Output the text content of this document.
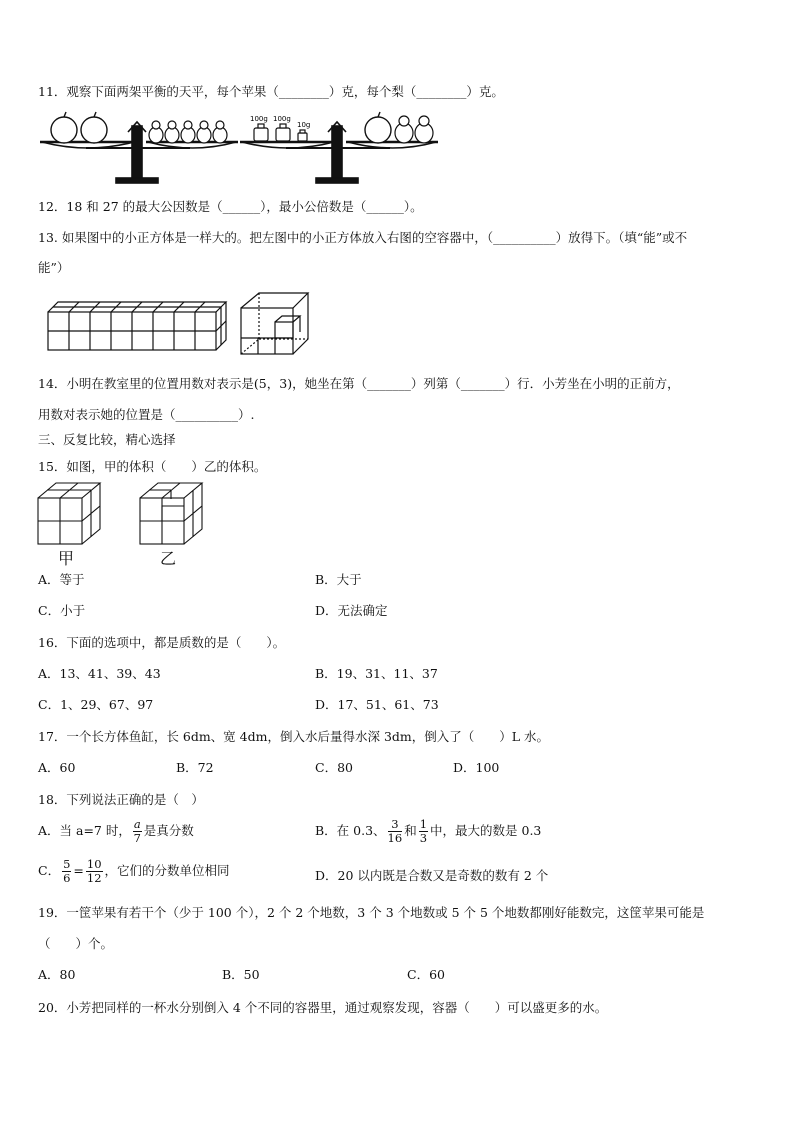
11．观察下面两架平衡的天平，每个苹果（________）克，每个梨（________）克。
100g 100g
10g
12．18 和 27 的最大公因数是（______），最小公倍数是（______）。
13. 如果图中的小正方体是一样大的。把左图中的小正方体放入右图的空容器中，（__________）放得下。（填“能”或不
能”）
14．小明在教室里的位置用数对表示是(5，3)，她坐在第（_______）列第（_______）行．小芳坐在小明的正前方，
用数对表示她的位置是（__________）.
三、反复比较，精心选择
15．如图，甲的体积（　　）乙的体积。
甲	乙
A．等于	B．大于
C．小于	D．无法确定
16．下面的选项中，都是质数的是（　　）。
A．13、41、39、43	B．19、31、11、37
C．1、29、67、97	D．17、51、61、73
17．一个长方体鱼缸，长 6dm、宽 4dm，倒入水后量得水深 3dm，倒入了（　　）L 水。
A．60	B．72	C．80	D．100
18．下列说法正确的是（　）
A．当 a=7 时， $\frac{a}{7}$ 是真分数	B．在 0.3、 $\frac{3}{16}$ 和 $\frac{1}{3}$ 中，最大的数是 0.3
C． $\frac{5}{6} = \frac{10}{12}$ ，它们的分数单位相同	D．20 以内既是合数又是奇数的数有 2 个
19．一筐苹果有若干个（少于 100 个），2 个 2 个地数，3 个 3 个地数或 5 个 5 个地数都刚好能数完，这筐苹果可能是
（　　）个。
A．80	B．50	C．60
20．小芳把同样的一杯水分别倒入 4 个不同的容器里，通过观察发现，容器（　　）可以盛更多的水。
